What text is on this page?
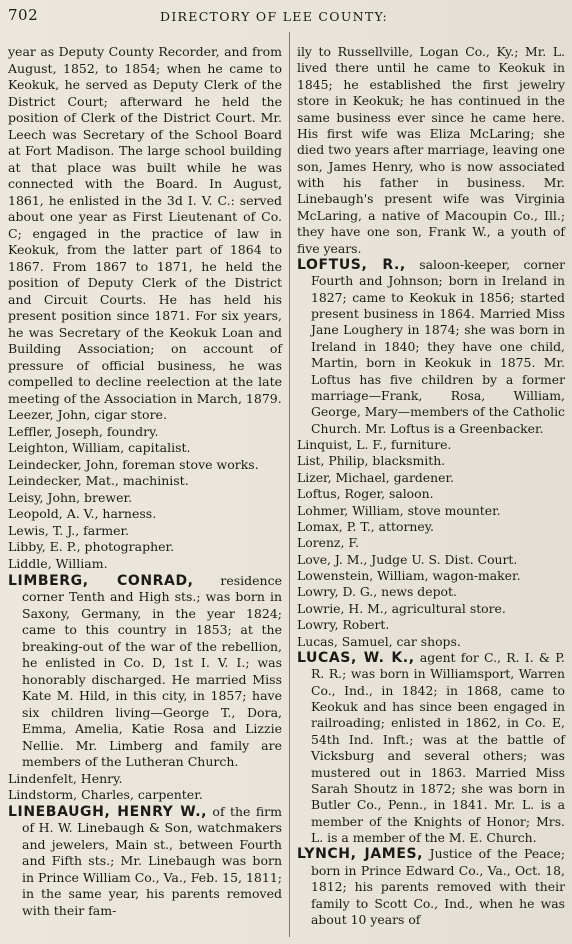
702	DIRECTORY OF LEE COUNTY:

year as Deputy County Recorder, and from August, 1852, to 1854; when he came to Keokuk, he served as Deputy Clerk of the District Court; afterward he held the position of Clerk of the District Court. Mr. Leech was Secretary of the School Board at Fort Madison. The large school building at that place was built while he was connected with the Board. In August, 1861, he enlisted in the 3d I. V. C.: served about one year as First Lieutenant of Co. C; engaged in the practice of law in Keokuk, from the latter part of 1864 to 1867. From 1867 to 1871, he held the position of Deputy Clerk of the District and Circuit Courts. He has held his present position since 1871. For six years, he was Secretary of the Keokuk Loan and Building Association; on account of pressure of official business, he was compelled to decline reelection at the late meeting of the Association in March, 1879.

Leezer, John, cigar store.

Leffler, Joseph, foundry.

Leighton, William, capitalist.

Leindecker, John, foreman stove works.

Leindecker, Mat., machinist.

Leisy, John, brewer.

Leopold, A. V., harness.

Lewis, T. J., farmer.

Libby, E. P., photographer.

Liddle, William.

LIMBERG, CONRAD, residence corner Tenth and High sts.; was born in Saxony, Germany, in the year 1824; came to this country in 1853; at the breaking-out of the war of the rebellion, he enlisted in Co. D, 1st I. V. I.; was honorably discharged. He married Miss Kate M. Hild, in this city, in 1857; have six children living—George T., Dora, Emma, Amelia, Katie Rosa and Lizzie Nellie. Mr. Limberg and family are members of the Lutheran Church.

Lindenfelt, Henry.

Lindstorm, Charles, carpenter.

LINEBAUGH, HENRY W., of the firm of H. W. Linebaugh & Son, watchmakers and jewelers, Main st., between Fourth and Fifth sts.; Mr. Linebaugh was born in Prince William Co., Va., Feb. 15, 1811; in the same year, his parents removed with their fam-

ily to Russellville, Logan Co., Ky.; Mr. L. lived there until he came to Keokuk in 1845; he established the first jewelry store in Keokuk; he has continued in the same business ever since he came here. His first wife was Eliza McLaring; she died two years after marriage, leaving one son, James Henry, who is now associated with his father in business. Mr. Linebaugh's present wife was Virginia McLaring, a native of Macoupin Co., Ill.; they have one son, Frank W., a youth of five years.

LOFTUS, R., saloon-keeper, corner Fourth and Johnson; born in Ireland in 1827; came to Keokuk in 1856; started present business in 1864. Married Miss Jane Loughery in 1874; she was born in Ireland in 1840; they have one child, Martin, born in Keokuk in 1875. Mr. Loftus has five children by a former marriage—Frank, Rosa, William, George, Mary—members of the Catholic Church. Mr. Loftus is a Greenbacker.

Linquist, L. F., furniture.

List, Philip, blacksmith.

Lizer, Michael, gardener.

Loftus, Roger, saloon.

Lohmer, William, stove mounter.

Lomax, P. T., attorney.

Lorenz, F.

Love, J. M., Judge U. S. Dist. Court.

Lowenstein, William, wagon-maker.

Lowry, D. G., news depot.

Lowrie, H. M., agricultural store.

Lowry, Robert.

Lucas, Samuel, car shops.

LUCAS, W. K., agent for C., R. I. & P. R. R.; was born in Williamsport, Warren Co., Ind., in 1842; in 1868, came to Keokuk and has since been engaged in railroading; enlisted in 1862, in Co. E, 54th Ind. Inft.; was at the battle of Vicksburg and several others; was mustered out in 1863. Married Miss Sarah Shoutz in 1872; she was born in Butler Co., Penn., in 1841. Mr. L. is a member of the Knights of Honor; Mrs. L. is a member of the M. E. Church.

LYNCH, JAMES, Justice of the Peace; born in Prince Edward Co., Va., Oct. 18, 1812; his parents removed with their family to Scott Co., Ind., when he was about 10 years of
